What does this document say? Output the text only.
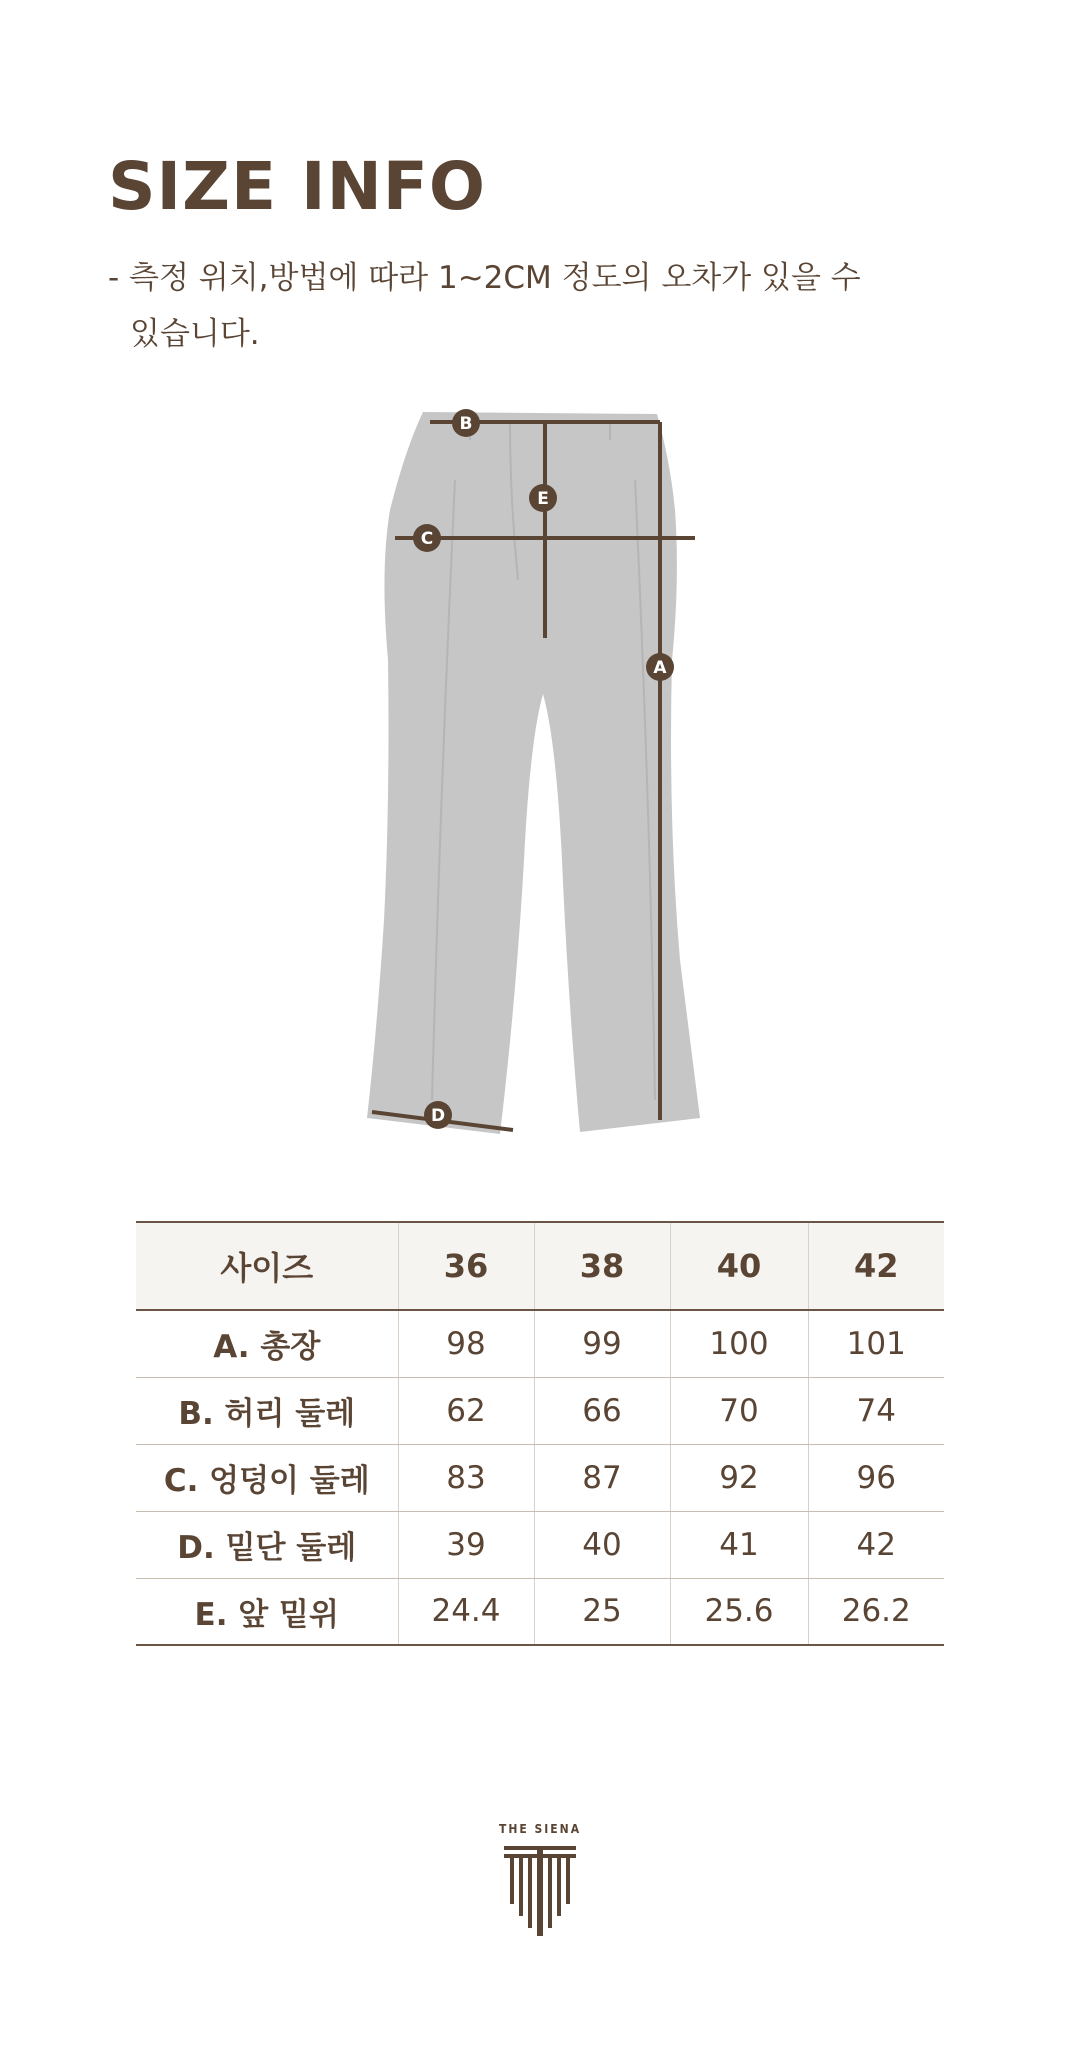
SIZE INFO
- 측정 위치,방법에 따라 1~2CM 정도의 오차가 있을 수
있습니다.
B
E
C
A
D
사이즈	36	38	40	42
A. 총장	98	99	100	101
B. 허리 둘레	62	66	70	74
C. 엉덩이 둘레	83	87	92	96
D. 밑단 둘레	39	40	41	42
E. 앞 밑위	24.4	25	25.6	26.2
THE SIENA
